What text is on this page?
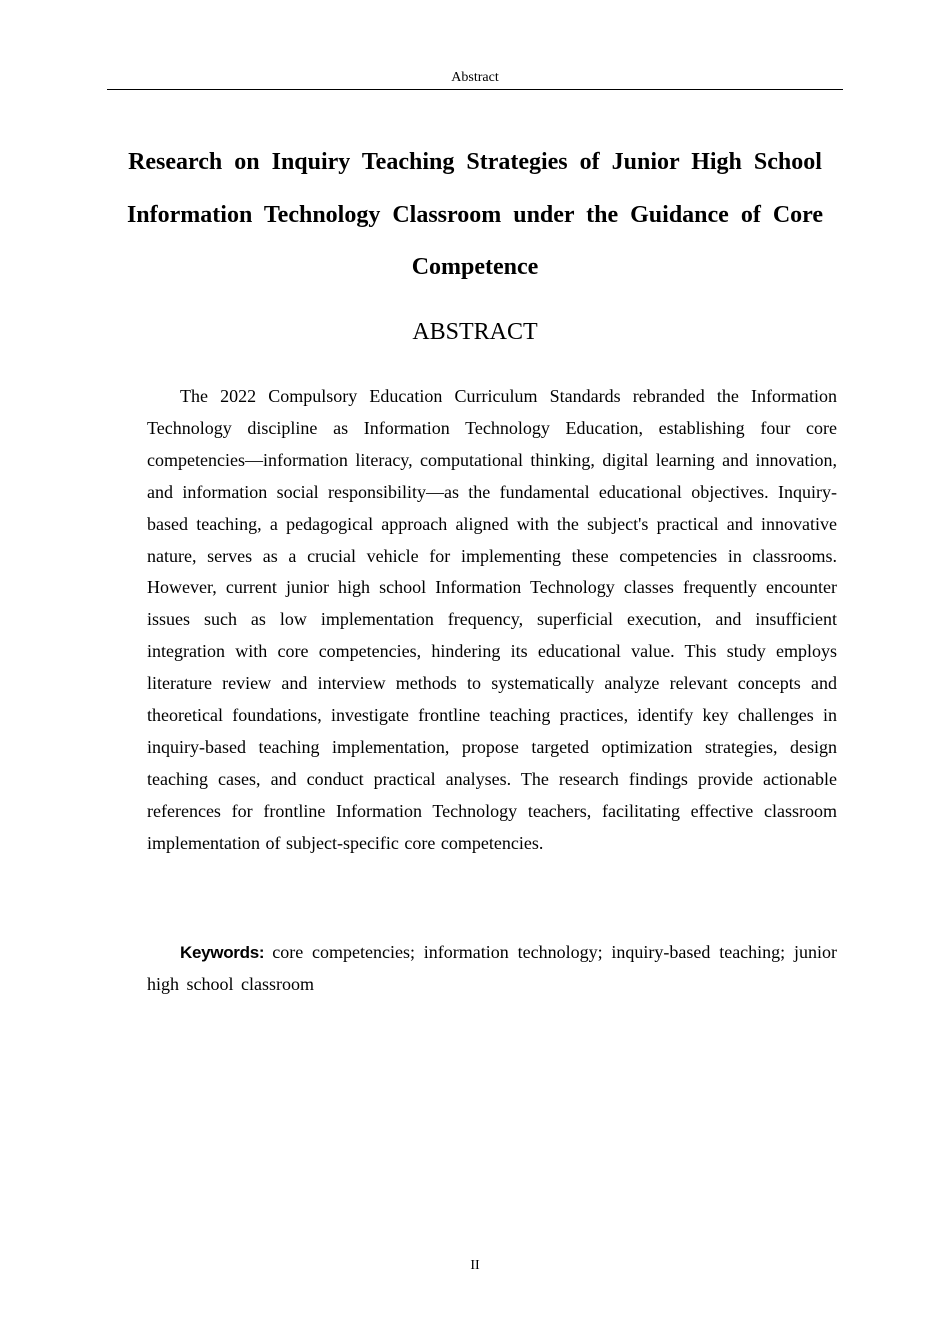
Abstract
Research on Inquiry Teaching Strategies of Junior High School Information Technology Classroom under the Guidance of Core Competence
ABSTRACT

The 2022 Compulsory Education Curriculum Standards rebranded the Information Technology discipline as Information Technology Education, establishing four core competencies—information literacy, computational thinking, digital learning and innovation, and information social responsibility—as the fundamental educational objectives. Inquiry-based teaching, a pedagogical approach aligned with the subject's practical and innovative nature, serves as a crucial vehicle for implementing these competencies in classrooms. However, current junior high school Information Technology classes frequently encounter issues such as low implementation frequency, superficial execution, and insufficient integration with core competencies, hindering its educational value. This study employs literature review and interview methods to systematically analyze relevant concepts and theoretical foundations, investigate frontline teaching practices, identify key challenges in inquiry-based teaching implementation, propose targeted optimization strategies, design teaching cases, and conduct practical analyses. The research findings provide actionable references for frontline Information Technology teachers, facilitating effective classroom implementation of subject-specific core competencies.

Keywords: core competencies; information technology; inquiry-based teaching; junior high school classroom

II
